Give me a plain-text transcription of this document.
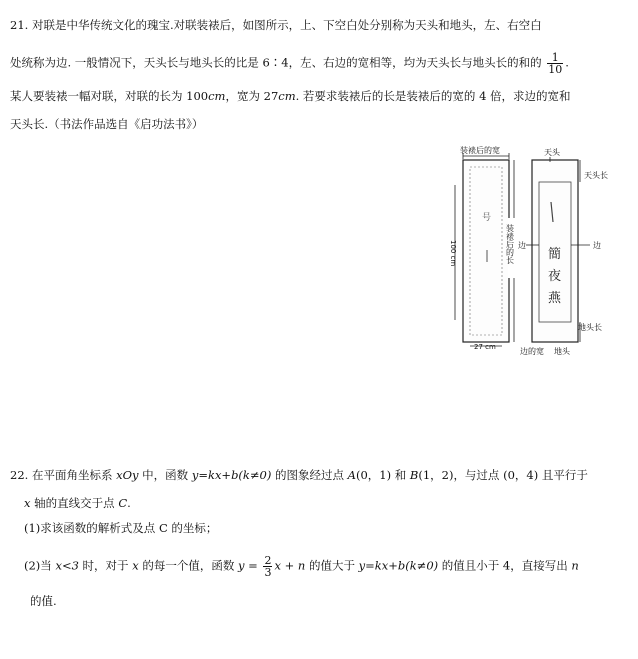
21. 对联是中华传统文化的瑰宝.对联装裱后，如图所示，上、下空白处分别称为天头和地头，左、右空白
处统称为边. 一般情况下，天头长与地头长的比是 6∶4，左、右边的宽相等，均为天头长与地头长的和的 $\frac{1}{10}$ .
某人要装裱一幅对联，对联的长为 100cm，宽为 27cm. 若要求装裱后的长是装裱后的宽的 4 倍，求边的宽和
天头长.（书法作品选自《启功法书》）
装裱后的宽
100 cm
27 cm
号
装裱后的长
天头
天头长
边
边
地头长
边的宽 地头
簡
夜
燕
22. 在平面角坐标系 xOy 中，函数 y=kx+b(k≠0) 的图象经过点 A(0，1) 和 B(1，2)，与过点 (0，4) 且平行于
x 轴的直线交于点 C.
(1)求该函数的解析式及点 C 的坐标；
(2)当 x<3 时，对于 x 的每一个值，函数 $y = \frac{2}{3}$ x + n 的值大于 y=kx+b(k≠0) 的值且小于 4，直接写出 n
的值.
